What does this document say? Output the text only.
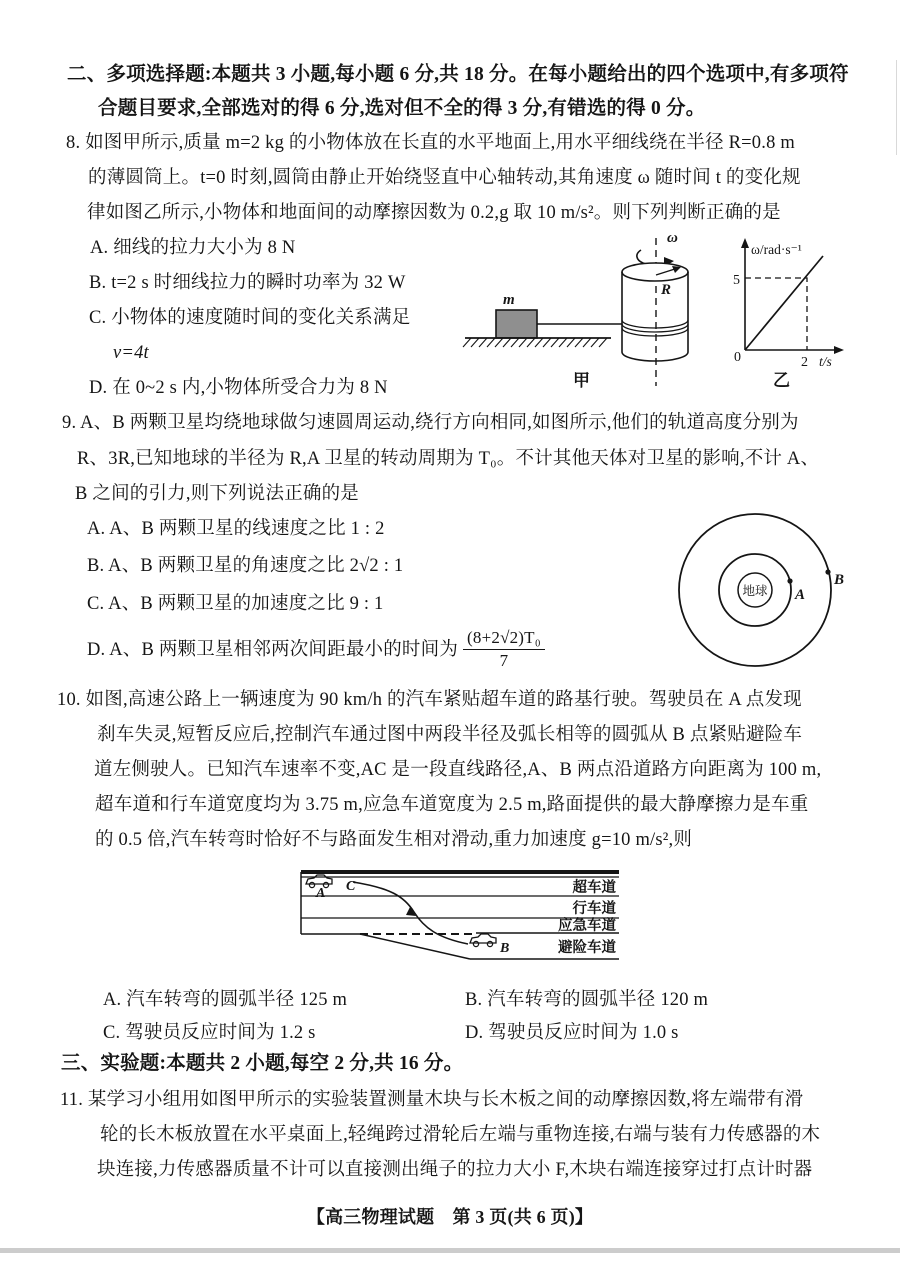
二、多项选择题:本题共 3 小题,每小题 6 分,共 18 分。在每小题给出的四个选项中,有多项符
合题目要求,全部选对的得 6 分,选对但不全的得 3 分,有错选的得 0 分。
8. 如图甲所示,质量 m=2 kg 的小物体放在长直的水平地面上,用水平细线绕在半径 R=0.8 m
的薄圆筒上。t=0 时刻,圆筒由静止开始绕竖直中心轴转动,其角速度 ω 随时间 t 的变化规
律如图乙所示,小物体和地面间的动摩擦因数为 0.2,g 取 10 m/s²。则下列判断正确的是
A. 细线的拉力大小为 8 N
B. t=2 s 时细线拉力的瞬时功率为 32 W
C. 小物体的速度随时间的变化关系满足
v=4t
D. 在 0~2 s 内,小物体所受合力为 8 N
ω
R
m
甲
ω/rad·s⁻¹
5
0	2 t/s
乙
9. A、B 两颗卫星均绕地球做匀速圆周运动,绕行方向相同,如图所示,他们的轨道高度分别为
R、3R,已知地球的半径为 R,A 卫星的转动周期为 T₀。不计其他天体对卫星的影响,不计 A、
B 之间的引力,则下列说法正确的是
A. A、B 两颗卫星的线速度之比 1 : 2
B. A、B 两颗卫星的角速度之比 2√2 : 1
C. A、B 两颗卫星的加速度之比 9 : 1
D. A、B 两颗卫星相邻两次间距最小的时间为 $\frac{\text{(8+2√2)T₀}}{7}$
地球 A
B
10. 如图,高速公路上一辆速度为 90 km/h 的汽车紧贴超车道的路基行驶。驾驶员在 A 点发现
刹车失灵,短暂反应后,控制汽车通过图中两段半径及弧长相等的圆弧从 B 点紧贴避险车
道左侧驶人。已知汽车速率不变,AC 是一段直线路径,A、B 两点沿道路方向距离为 100 m,
超车道和行车道宽度均为 3.75 m,应急车道宽度为 2.5 m,路面提供的最大静摩擦力是车重
的 0.5 倍,汽车转弯时恰好不与路面发生相对滑动,重力加速度 g=10 m/s²,则
A C
B
超车道
行车道
应急车道
避险车道
A. 汽车转弯的圆弧半径 125 m	B. 汽车转弯的圆弧半径 120 m
C. 驾驶员反应时间为 1.2 s	D. 驾驶员反应时间为 1.0 s
三、实验题:本题共 2 小题,每空 2 分,共 16 分。
11. 某学习小组用如图甲所示的实验装置测量木块与长木板之间的动摩擦因数,将左端带有滑
轮的长木板放置在水平桌面上,轻绳跨过滑轮后左端与重物连接,右端与装有力传感器的木
块连接,力传感器质量不计可以直接测出绳子的拉力大小 F,木块右端连接穿过打点计时器
【高三物理试题　第 3 页(共 6 页)】
